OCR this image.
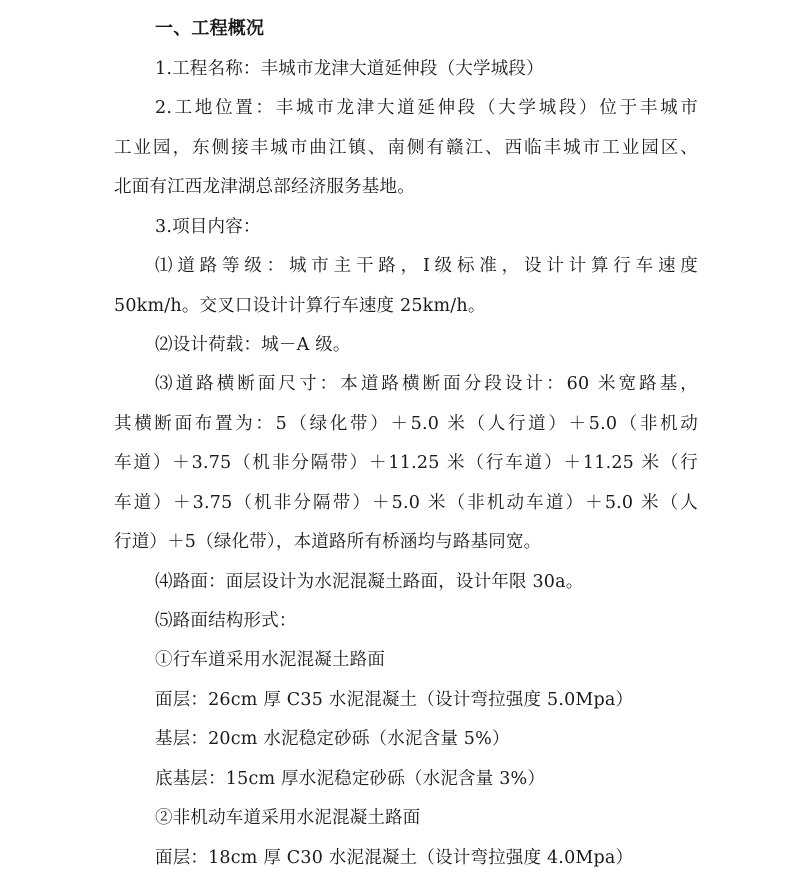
一、工程概况
1.工程名称：丰城市龙津大道延伸段（大学城段）
2.工地位置：丰城市龙津大道延伸段（大学城段）位于丰城市
工业园，东侧接丰城市曲江镇、南侧有赣江、西临丰城市工业园区、
北面有江西龙津湖总部经济服务基地。
3.项目内容：
⑴道路等级：城市主干路，Ⅰ级标准，设计计算行车速度
50km/h。交叉口设计计算行车速度 25km/h。
⑵设计荷载：城－A 级。
⑶道路横断面尺寸：本道路横断面分段设计：60 米宽路基，
其横断面布置为：5（绿化带）＋5.0 米（人行道）＋5.0（非机动
车道）＋3.75（机非分隔带）＋11.25 米（行车道）＋11.25 米（行
车道）＋3.75（机非分隔带）＋5.0 米（非机动车道）＋5.0 米（人
行道）＋5（绿化带），本道路所有桥涵均与路基同宽。
⑷路面：面层设计为水泥混凝土路面，设计年限 30a。
⑸路面结构形式：
①行车道采用水泥混凝土路面
面层：26cm 厚 C35 水泥混凝土（设计弯拉强度 5.0Mpa）
基层：20cm 水泥稳定砂砾（水泥含量 5%）
底基层：15cm 厚水泥稳定砂砾（水泥含量 3%）
②非机动车道采用水泥混凝土路面
面层：18cm 厚 C30 水泥混凝土（设计弯拉强度 4.0Mpa）
